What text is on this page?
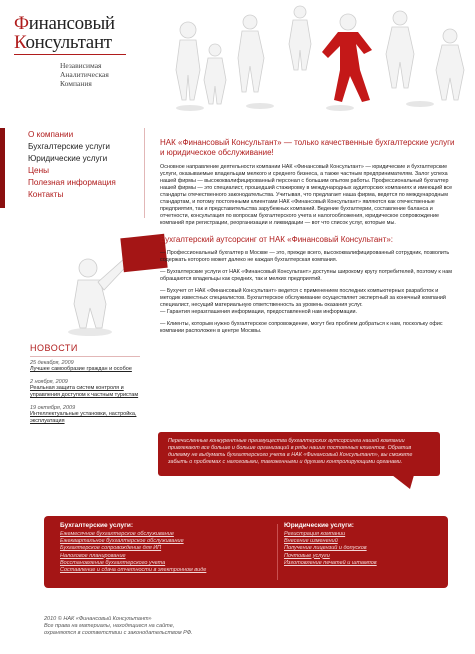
Финансовый
Консультант
Независимая
Аналитическая
Компания
О компании
Бухгалтерские услуги
Юридические услуги
Цены
Полезная информация
Контакты
НОВОСТИ
25 декабря, 2009
Лучшее самообразие граждан и особое
2 ноября, 2009
Реальная защита систем контроля и управления доступом к частным туристам
19 октября, 2009
Интеллектуальные установки, настройка, эксплуатация

НАК «Финансовый Консультант» — только качественные бухгалтерские услуги и юридическое обслуживание!

Основное направление деятельности компании НАК «Финансовый Консультант» — юридические и бухгалтерские услуги, оказываемые владельцам мелкого и среднего бизнеса, а также частным предпринимателям. Залог успеха нашей фирмы — высококвалифицированный персонал с большим опытом работы. Профессиональный бухгалтер нашей фирмы — это специалист, прошедший стажировку в международных аудиторских компаниях и имеющий все стандарты отечественного законодательства. Учитывая, что предлагает наша фирма, ведется по международным стандартам, и потому постоянными клиентами НАК «Финансовый Консультант» являются как отечественные предприятия, так и представительства зарубежных компаний. Ведение бухгалтерии, составление баланса и отчетности, консультация по вопросам бухгалтерского учета и налогообложения, юридическое сопровождение компаний при регистрации, реорганизации и ликвидации — вот что список услуг, которые мы.

Бухгалтерский аутсорсинг от НАК «Финансовый Консультант»:

— Профессиональный бухгалтер в Москве — это, прежде всего, высококвалифицированный сотрудник, позволить содержать которого может далеко не каждая бухгалтерская компания.

— Бухгалтерские услуги от НАК «Финансовый Консультант» доступны широкому кругу потребителей, поэтому к нам обращаются владельцы как средних, так и мелких предприятий.

— Бухучет от НАК «Финансовый Консультант» ведется с применением последних компьютерных разработок и методик известных специалистов. Бухгалтерское обслуживание осуществляет экспертный за конечный компаний специалист, несущий материальную ответственность за уровень оказания услуг.

— Гарантия неразглашения информации, предоставленной нам информации.

— Клиенты, которым нужно бухгалтерское сопровождение, могут без проблем добраться к нам, поскольку офис компании расположен в центре Москвы.

Перечисленные конкурентные преимущества бухгалтерских аутсорсинга нашей компании привлекают все больше и больше организаций в ряды наших постоянных клиентов. Обратив дилемму не выдумать бухгалтерского учета в НАК «Финансовый Консультант», вы сможете забыть о проблемах с налоговыми, таможенными и другими контролирующими органами.

Бухгалтерские услуги:
Ежемесячное бухгалтерское обслуживание
Ежеквартальное бухгалтерское обслуживание
Бухгалтерское сопровождение для ИП
Налоговое планирование
Восстановление бухгалтерского учета
Составление и сдача отчетности в электронном виде
Юридические услуги:
Регистрация компании
Внесение изменений
Получение лицензий и допусков
Почтовые услуги
Изготовление печатей и штампов
2010 © НАК «Финансовый Консультант»
Все права на материалы, находящиеся на сайте,
охраняются в соответствии с законодательством РФ.
